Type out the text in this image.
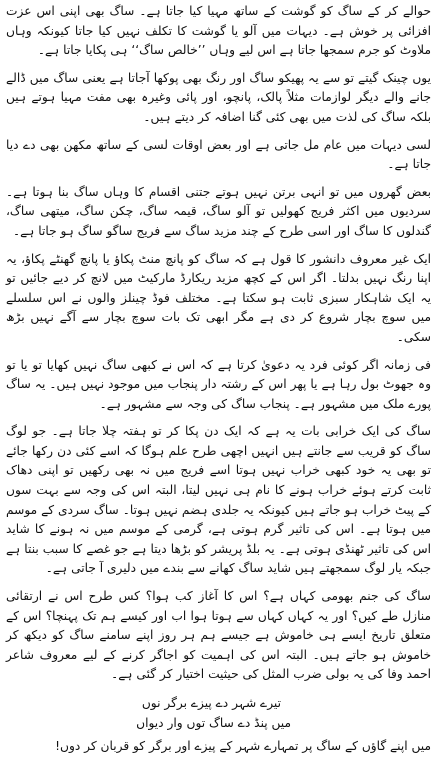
حوالے کر کے ساگ کو گوشت کے ساتھ مہیا کیا جاتا ہے۔ ساگ بھی اپنی اس عزت افزائی پر خوش ہے۔ دیہات میں آلو یا گوشت کا تکلف نہیں کیا جاتا کیونکہ وہاں ملاوٹ کو جرم سمجھا جاتا ہے اس لیے وہاں ’’خالص ساگ‘‘ ہی پکایا جاتا ہے۔

یوں چینک گیتے تو سے یہ پھیکو ساگ اور رنگ بھی پوکھا آجاتا ہے یعنی ساگ میں ڈالے جانے والے دیگر لوازمات مثلاً پالک، پانچو، اور پائی وغیرہ بھی مفت مہیا ہوتے ہیں بلکہ ساگ کی لذت میں بھی کئی گنا اضافہ کر دیتے ہیں۔

لسی دیہات میں عام مل جاتی ہے اور بعض اوقات لسی کے ساتھ مکھن بھی دے دیا جاتا ہے۔

بعض گھروں میں تو انہی برتن نہیں ہوتے جتنی اقسام کا وہاں ساگ بنا ہوتا ہے۔ سردیوں میں اکثر فریج کھولیں تو آلو ساگ، قیمہ ساگ، چکن ساگ، میتھی ساگ، گندلوں کا ساگ اور اسی طرح کے چند مزید ساگ سے فریج ساگو ساگ ہو جاتا ہے۔

ایک غیر معروف دانشور کا قول ہے کہ ساگ کو پانچ منٹ پکاؤ یا پانچ گھنٹے پکاؤ، یہ اپنا رنگ نہیں بدلتا۔ اگر اس کے کچھ مزید ریکارڈ مارکیٹ میں لانچ کر دیے جائیں تو یہ ایک شاہکار سبزی ثابت ہو سکتا ہے۔ مختلف فوڈ چینلز والوں نے اس سلسلے میں سوچ بچار شروع کر دی ہے مگر ابھی تک بات سوچ بچار سے آگے نہیں بڑھ سکی۔

فی زمانہ اگر کوئی فرد یہ دعویٰ کرتا ہے کہ اس نے کبھی ساگ نہیں کھایا تو یا تو وہ جھوٹ بول رہا ہے یا پھر اس کے رشتہ دار پنجاب میں موجود نہیں ہیں۔ یہ ساگ پورے ملک میں مشہور ہے۔ پنجاب ساگ کی وجہ سے مشہور ہے۔

ساگ کی ایک خرابی بات یہ ہے کہ ایک دن پکا کر تو ہفتہ چلا جاتا ہے۔ جو لوگ ساگ کو قریب سے جانتے ہیں انہیں اچھی طرح علم ہوگا کہ اسے کئی دن رکھا جائے تو بھی یہ خود کبھی خراب نہیں ہوتا اسے فریج میں نہ بھی رکھیں تو اپنی دھاک ثابت کرتے ہوئے خراب ہونے کا نام ہی نہیں لیتا، البتہ اس کی وجہ سے بہت سوں کے پیٹ خراب ہو جاتے ہیں کیونکہ یہ جلدی ہضم نہیں ہوتا۔ ساگ سردی کے موسم میں ہوتا ہے۔ اس کی تاثیر گرم ہوتی ہے، گرمی کے موسم میں نہ ہونے کا شاید اس کی تاثیر ٹھنڈی ہوتی ہے۔ یہ بلڈ پریشر کو بڑھا دیتا ہے جو غصے کا سبب بنتا ہے جبکہ یار لوگ سمجھتے ہیں شاید ساگ کھانے سے بندے میں دلیری آ جاتی ہے۔

ساگ کی جنم بھومی کہاں ہے؟ اس کا آغاز کب ہوا؟ کس طرح اس نے ارتقائی منازل طے کیں؟ اور یہ کہاں کہاں سے ہوتا ہوا اب اور کیسے ہم تک پہنچا؟ اس کے متعلق تاریخ ایسے ہی خاموش ہے جیسے ہم ہر روز اپنے سامنے ساگ کو دیکھ کر خاموش ہو جاتے ہیں۔ البتہ اس کی اہمیت کو اجاگر کرنے کے لیے معروف شاعر احمد وفا کی یہ بولی ضرب المثل کی حیثیت اختیار کر گئی ہے۔

تیرے شہر دے پیزے برگر نوں
میں پنڈ دے ساگ توں وار دیواں

میں اپنے گاؤں کے ساگ پر تمہارے شہر کے پیزے اور برگر کو قربان کر دوں!
